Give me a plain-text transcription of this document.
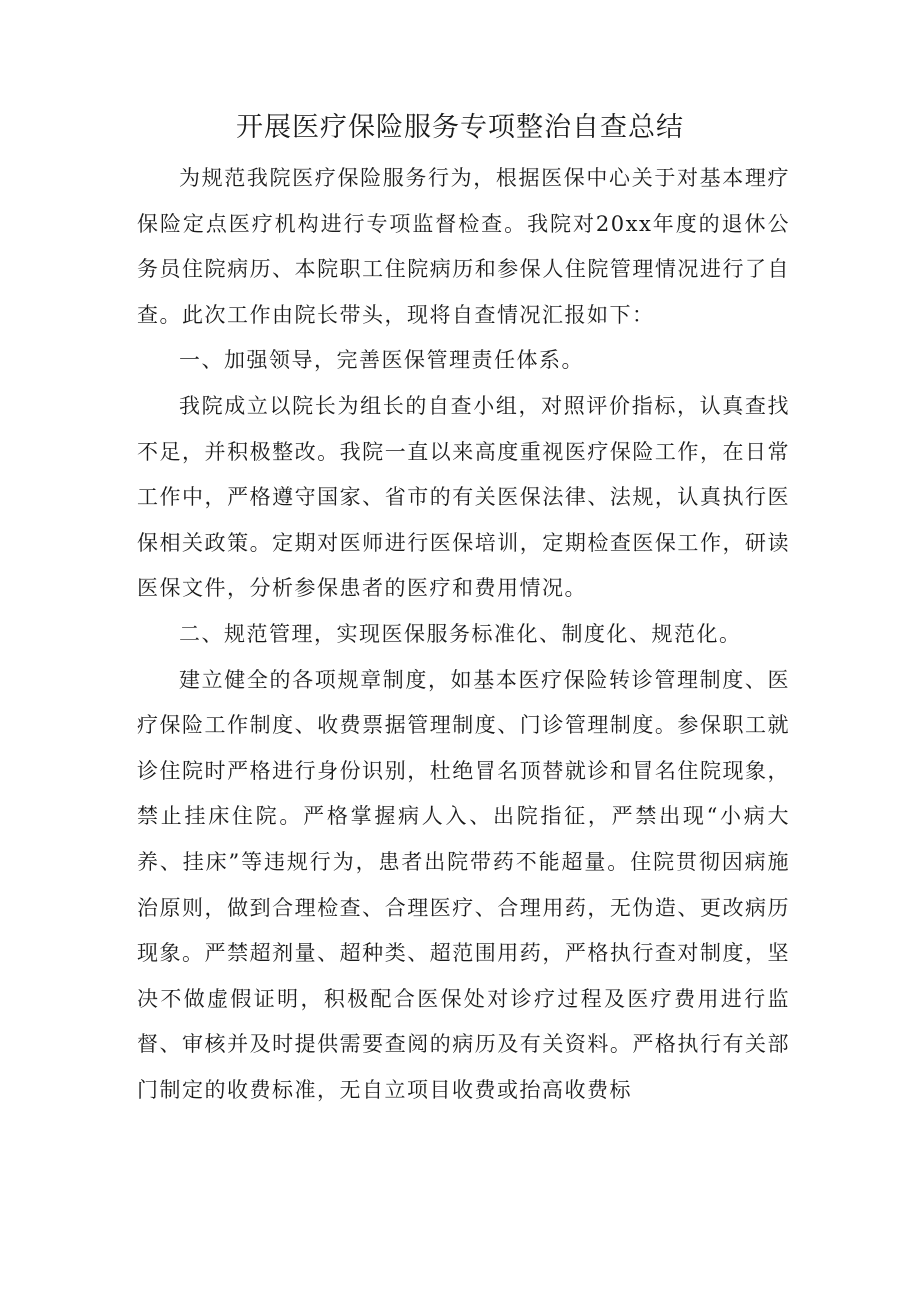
开展医疗保险服务专项整治自查总结

为规范我院医疗保险服务行为，根据医保中心关于对基本理疗保险定点医疗机构进行专项监督检查。我院对20xx年度的退休公务员住院病历、本院职工住院病历和参保人住院管理情况进行了自查。此次工作由院长带头，现将自查情况汇报如下：

一、加强领导，完善医保管理责任体系。

我院成立以院长为组长的自查小组，对照评价指标，认真查找不足，并积极整改。我院一直以来高度重视医疗保险工作，在日常工作中，严格遵守国家、省市的有关医保法律、法规，认真执行医保相关政策。定期对医师进行医保培训，定期检查医保工作，研读医保文件，分析参保患者的医疗和费用情况。

二、规范管理，实现医保服务标准化、制度化、规范化。

建立健全的各项规章制度，如基本医疗保险转诊管理制度、医疗保险工作制度、收费票据管理制度、门诊管理制度。参保职工就诊住院时严格进行身份识别，杜绝冒名顶替就诊和冒名住院现象，禁止挂床住院。严格掌握病人入、出院指征，严禁出现“小病大养、挂床”等违规行为，患者出院带药不能超量。住院贯彻因病施治原则，做到合理检查、合理医疗、合理用药，无伪造、更改病历现象。严禁超剂量、超种类、超范围用药，严格执行查对制度，坚决不做虚假证明，积极配合医保处对诊疗过程及医疗费用进行监督、审核并及时提供需要查阅的病历及有关资料。严格执行有关部门制定的收费标准，无自立项目收费或抬高收费标
